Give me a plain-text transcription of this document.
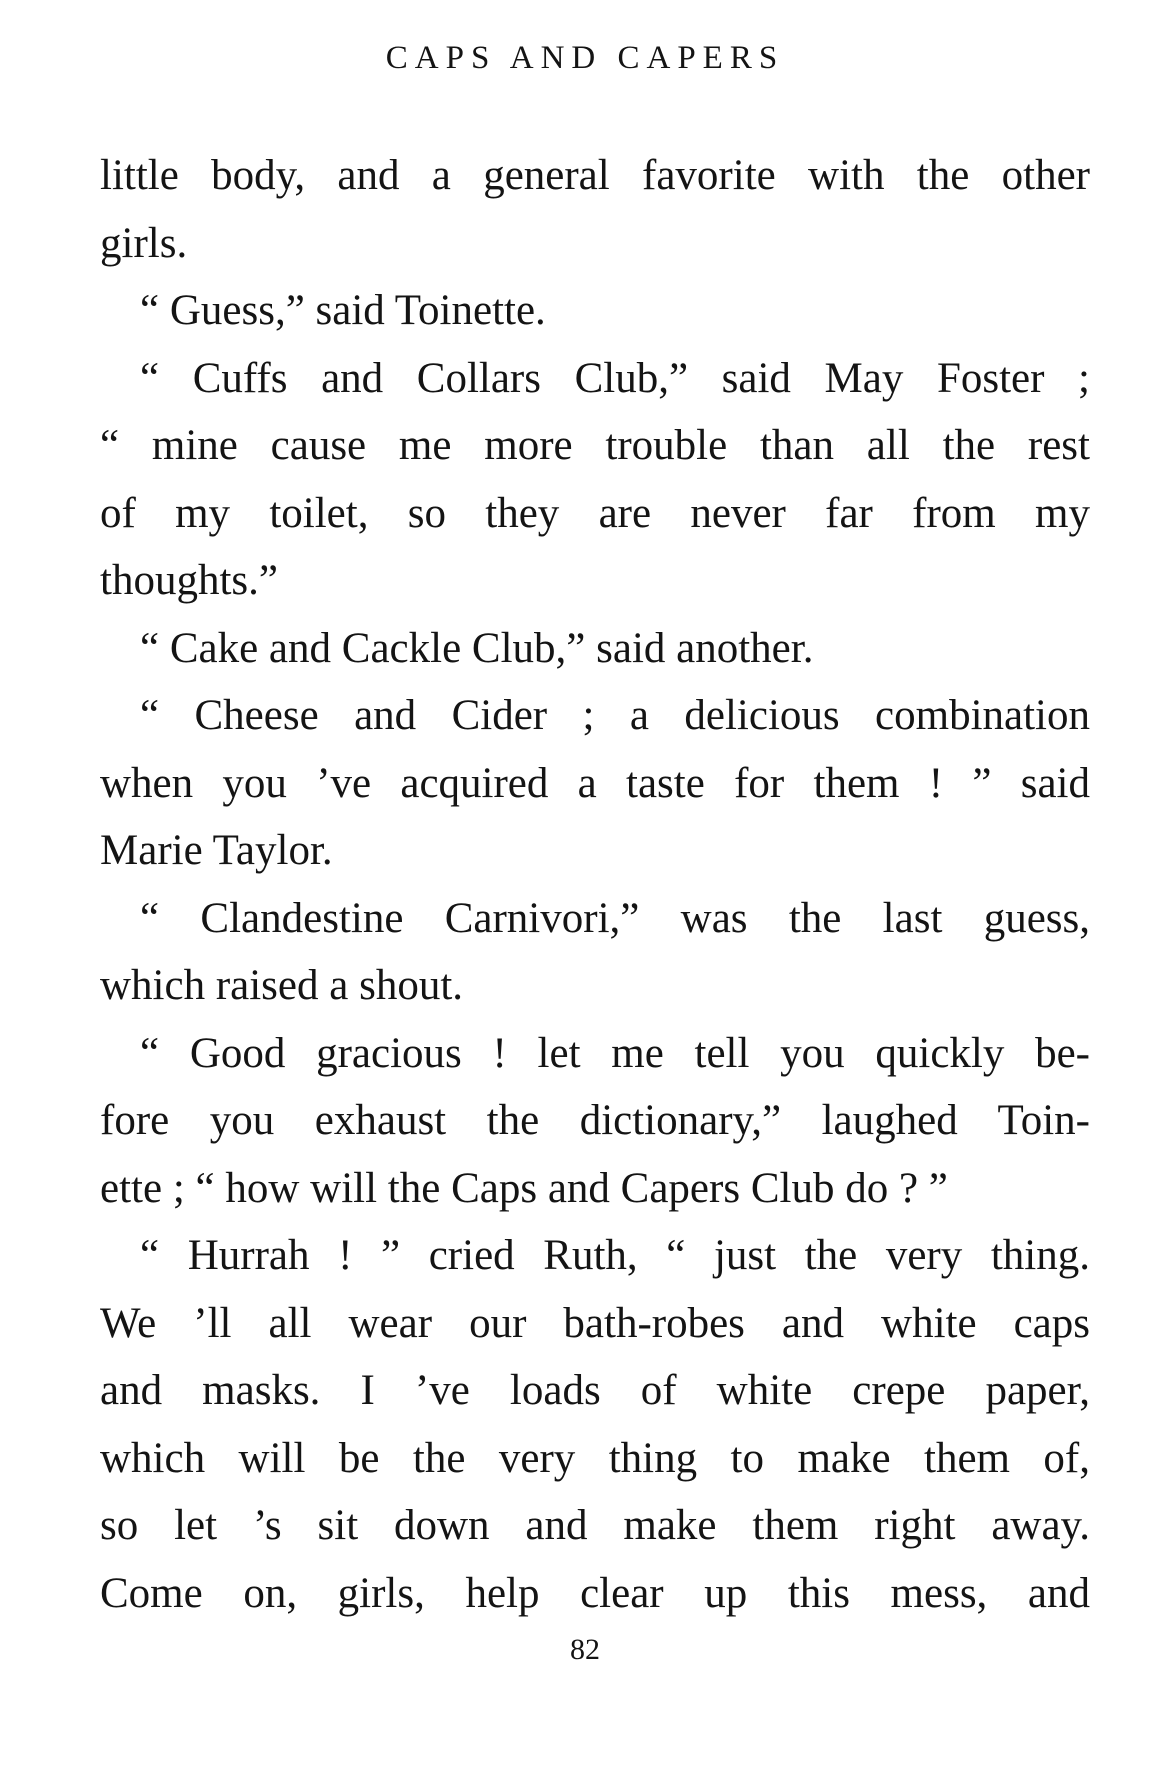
CAPS AND CAPERS
little body, and a general favorite with the other
girls.
“ Guess,” said Toinette.
“ Cuffs and Collars Club,” said May Foster ;
“ mine cause me more trouble than all the rest
of my toilet, so they are never far from my
thoughts.”
“ Cake and Cackle Club,” said another.
“ Cheese and Cider ; a delicious combination
when you ’ve acquired a taste for them ! ” said
Marie Taylor.
“ Clandestine Carnivori,” was the last guess,
which raised a shout.
“ Good gracious ! let me tell you quickly be-
fore you exhaust the dictionary,” laughed Toin-
ette ; “ how will the Caps and Capers Club do ? ”
“ Hurrah ! ” cried Ruth, “ just the very thing.
We ’ll all wear our bath-robes and white caps
and masks. I ’ve loads of white crepe paper,
which will be the very thing to make them of,
so let ’s sit down and make them right away.
Come on, girls, help clear up this mess, and
82
